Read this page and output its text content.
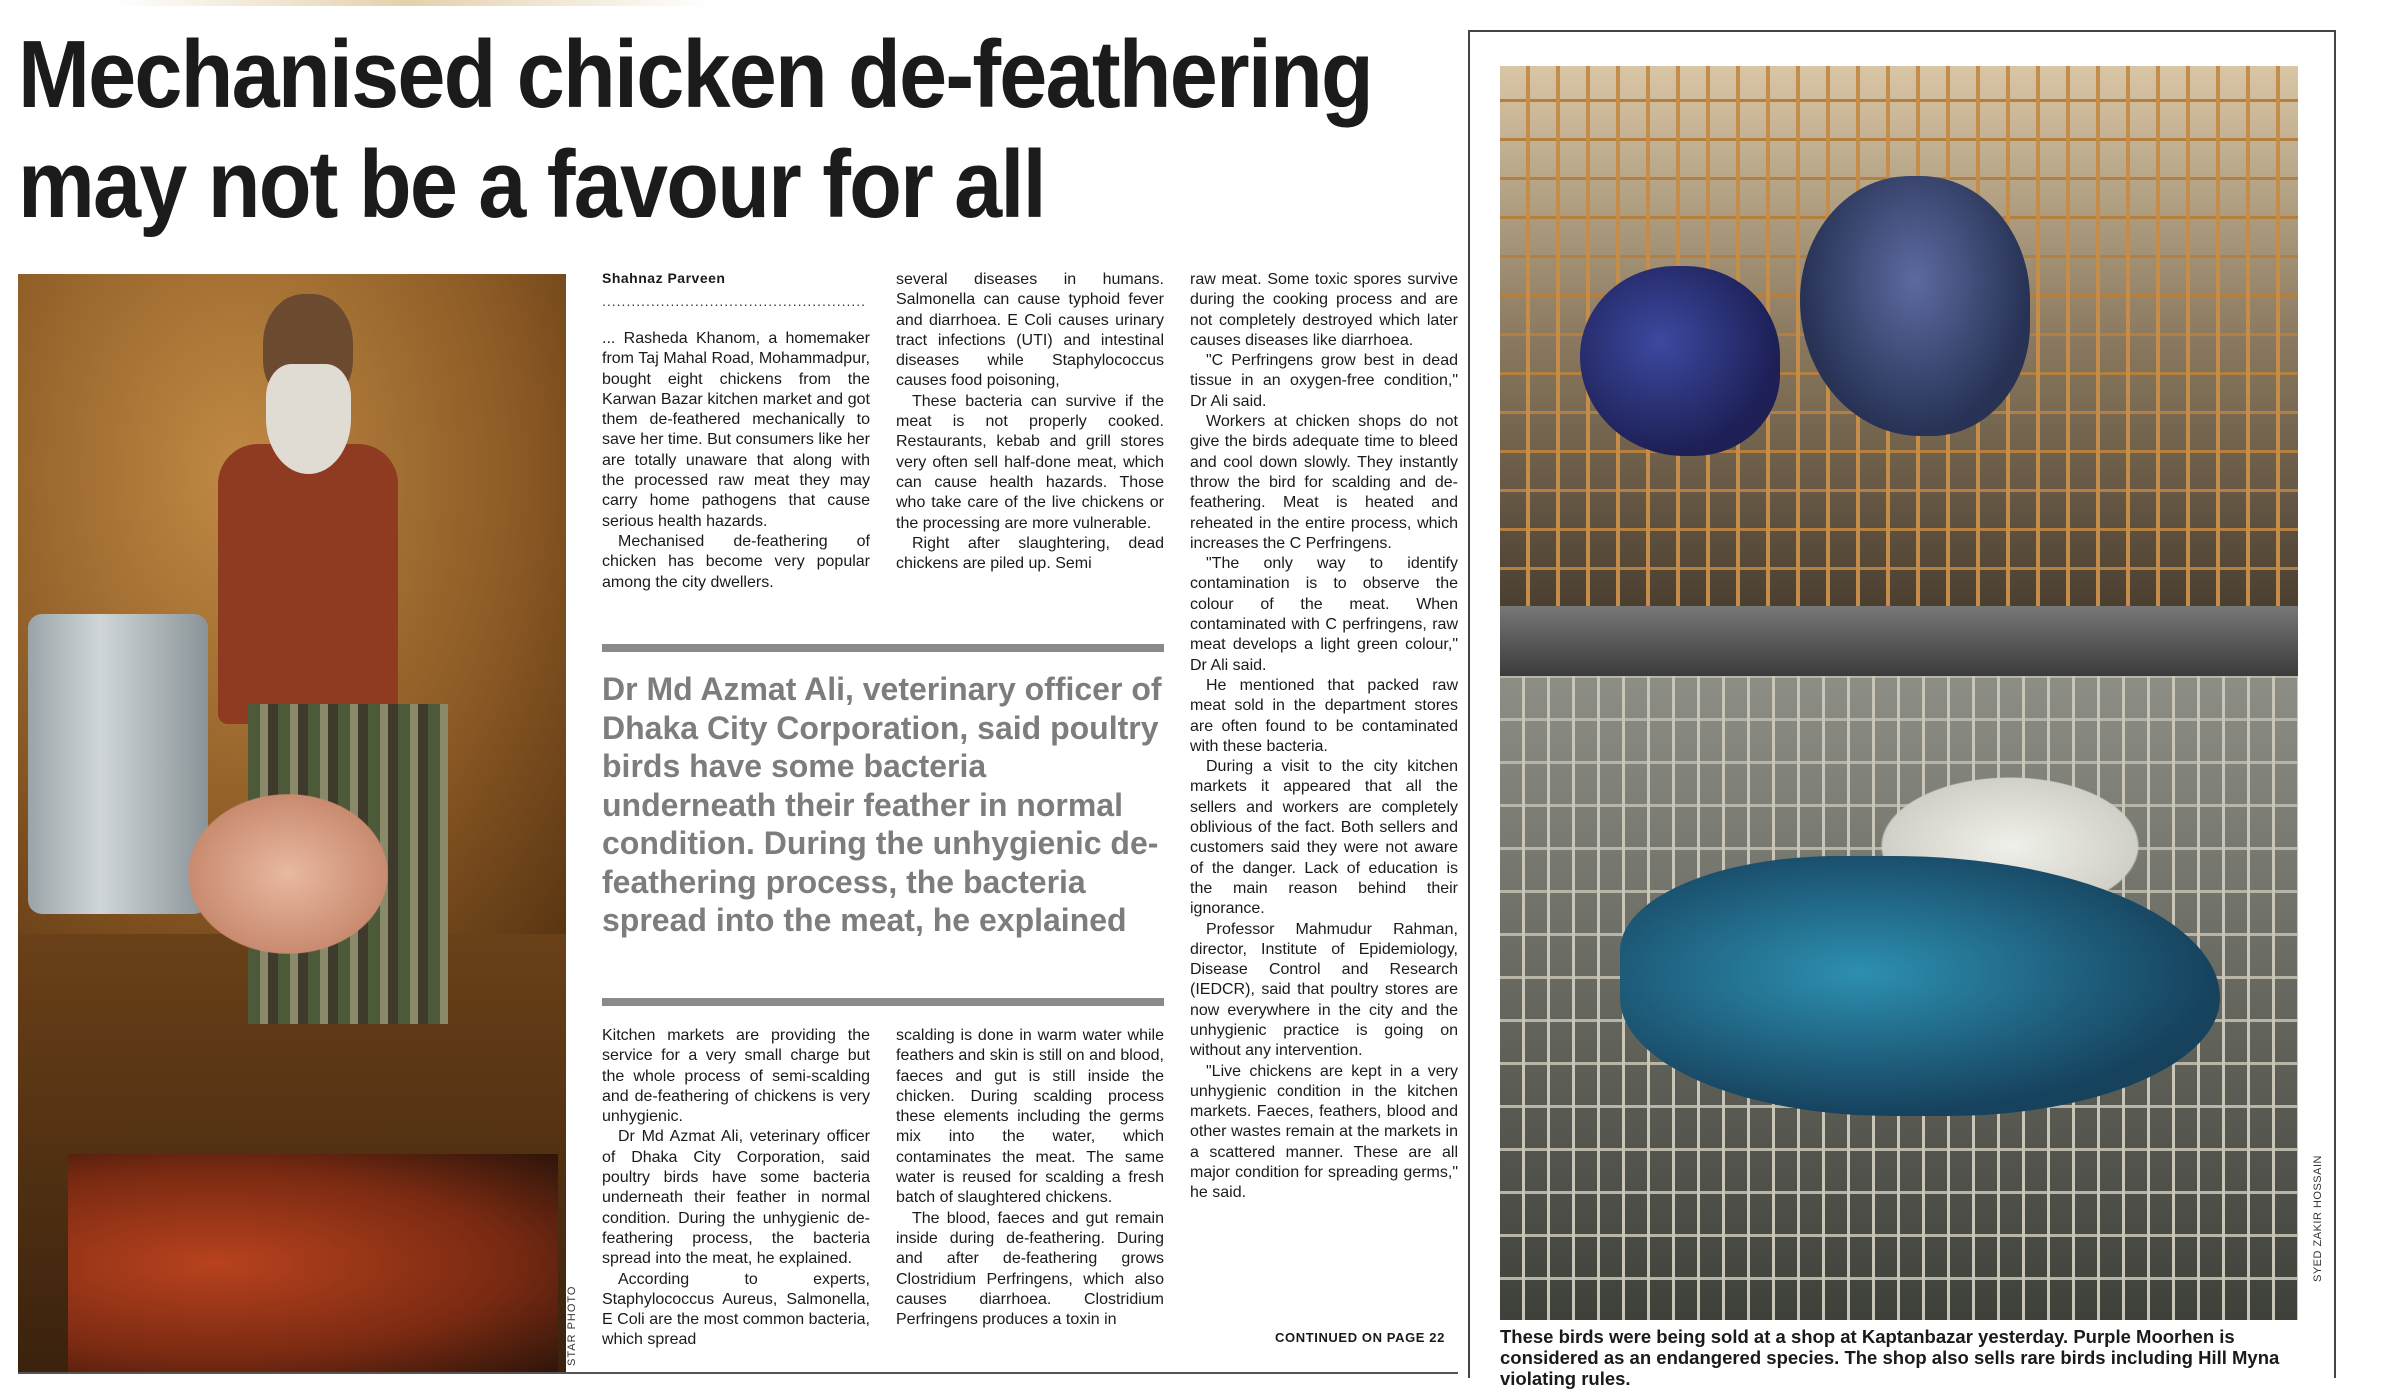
Mechanised chicken de-feathering
may not be a favour for all
STAR PHOTO
Shahnaz Parveen
......................................................

... Rasheda Khanom, a homemaker from Taj Mahal Road, Mohammadpur, bought eight chickens from the Karwan Bazar kitchen market and got them de-feathered mechanically to save her time. But consumers like her are totally unaware that along with the processed raw meat they may carry home pathogens that cause serious health hazards.

Mechanised de-feathering of chicken has become very popular among the city dwellers.

several diseases in humans. Salmonella can cause typhoid fever and diarrhoea. E Coli causes urinary tract infections (UTI) and intestinal diseases while Staphylococcus causes food poisoning,

These bacteria can survive if the meat is not properly cooked. Restaurants, kebab and grill stores very often sell half-done meat, which can cause health hazards. Those who take care of the live chickens or the processing are more vulnerable.

Right after slaughtering, dead chickens are piled up. Semi

raw meat. Some toxic spores survive during the cooking process and are not completely destroyed which later causes diseases like diarrhoea.

"C Perfringens grow best in dead tissue in an oxygen-free condition," Dr Ali said.

Workers at chicken shops do not give the birds adequate time to bleed and cool down slowly. They instantly throw the bird for scalding and de-feathering. Meat is heated and reheated in the entire process, which increases the C Perfringens.

"The only way to identify contamination is to observe the colour of the meat. When contaminated with C perfringens, raw meat develops a light green colour," Dr Ali said.

He mentioned that packed raw meat sold in the department stores are often found to be contaminated with these bacteria.

During a visit to the city kitchen markets it appeared that all the sellers and workers are completely oblivious of the fact. Both sellers and customers said they were not aware of the danger. Lack of education is the main reason behind their ignorance.

Professor Mahmudur Rahman, director, Institute of Epidemiology, Disease Control and Research (IEDCR), said that poultry stores are now everywhere in the city and the unhygienic practice is going on without any intervention.

"Live chickens are kept in a very unhygienic condition in the kitchen markets. Faeces, feathers, blood and other wastes remain at the markets in a scattered manner. These are all major condition for spreading germs," he said.

Dr Md Azmat Ali, veterinary officer of Dhaka City Corporation, said poultry birds have some bacteria underneath their feather in normal condition. During the unhygienic de-feathering process, the bacteria spread into the meat, he explained

Kitchen markets are providing the service for a very small charge but the whole process of semi-scalding and de-feathering of chickens is very unhygienic.

Dr Md Azmat Ali, veterinary officer of Dhaka City Corporation, said poultry birds have some bacteria underneath their feather in normal condition. During the unhygienic de-feathering process, the bacteria spread into the meat, he explained.

According to experts, Staphylococcus Aureus, Salmonella, E Coli are the most common bacteria, which spread

scalding is done in warm water while feathers and skin is still on and blood, faeces and gut is still inside the chicken. During scalding process these elements including the germs mix into the water, which contaminates the meat. The same water is reused for scalding a fresh batch of slaughtered chickens.

The blood, faeces and gut remain inside during de-feathering. During and after de-feathering grows Clostridium Perfringens, which also causes diarrhoea. Clostridium Perfringens produces a toxin in

CONTINUED ON PAGE 22
SYED ZAKIR HOSSAIN
These birds were being sold at a shop at Kaptanbazar yesterday. Purple Moorhen is considered as an endangered species. The shop also sells rare birds including Hill Myna violating rules.
